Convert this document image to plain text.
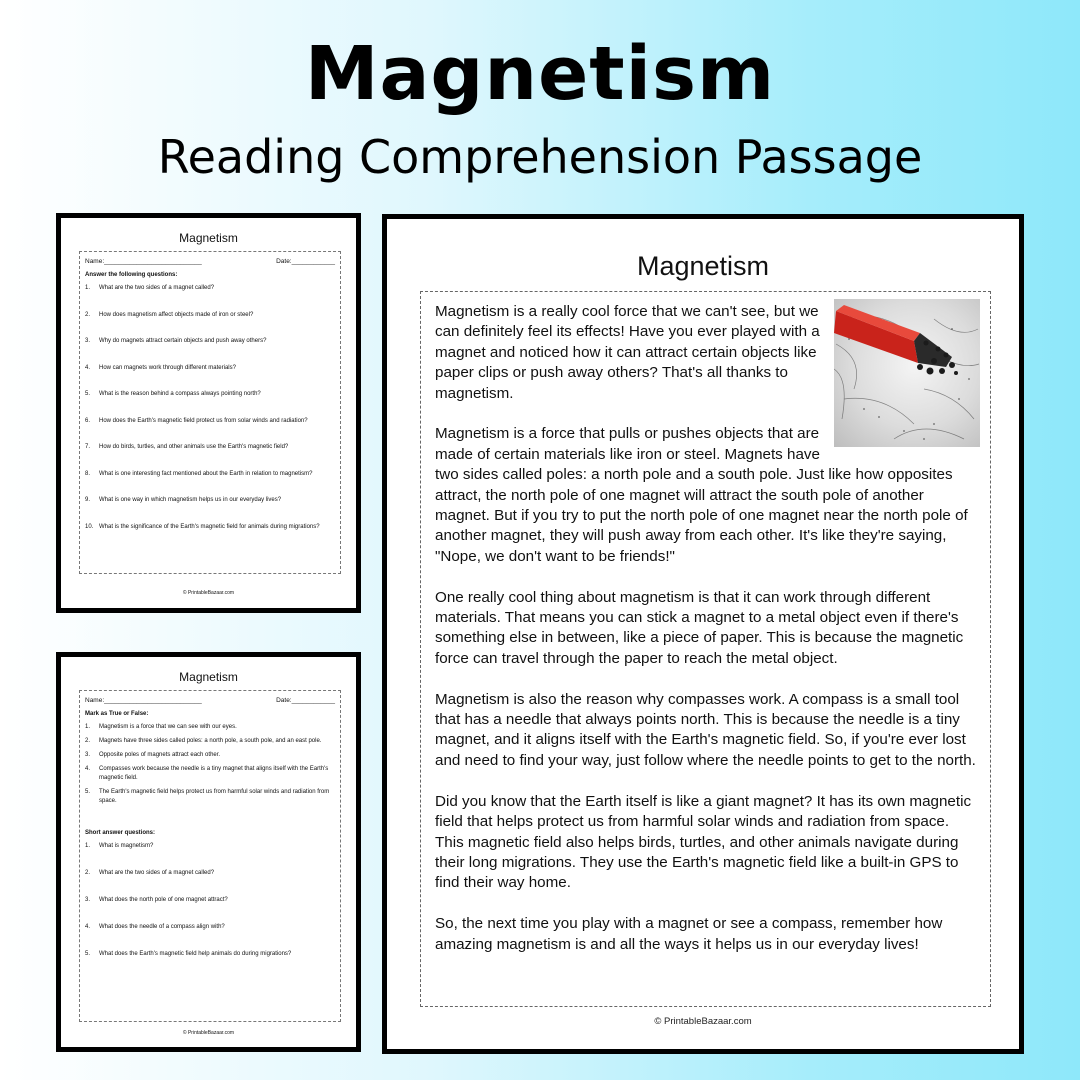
Magnetism
Reading Comprehension Passage
Magnetism
Name:___________________________	Date:____________
Answer the following questions:
1.	What are the two sides of a magnet called?
2.	How does magnetism affect objects made of iron or steel?
3.	Why do magnets attract certain objects and push away others?
4.	How can magnets work through different materials?
5.	What is the reason behind a compass always pointing north?
6.	How does the Earth's magnetic field protect us from solar winds and radiation?
7.	How do birds, turtles, and other animals use the Earth's magnetic field?
8.	What is one interesting fact mentioned about the Earth in relation to magnetism?
9.	What is one way in which magnetism helps us in our everyday lives?
10. What is the significance of the Earth's magnetic field for animals during migrations?
© PrintableBazaar.com
Magnetism
Name:___________________________	Date:____________
Mark as True or False:
1.	Magnetism is a force that we can see with our eyes.
2.	Magnets have three sides called poles: a north pole, a south pole, and an east pole.
3.	Opposite poles of magnets attract each other.
4.	Compasses work because the needle is a tiny magnet that aligns itself with the Earth's magnetic field.
5.	The Earth's magnetic field helps protect us from harmful solar winds and radiation from space.
Short answer questions:
1.	What is magnetism?
2.	What are the two sides of a magnet called?
3.	What does the north pole of one magnet attract?
4.	What does the needle of a compass align with?
5.	What does the Earth's magnetic field help animals do during migrations?
© PrintableBazaar.com
Magnetism

Magnetism is a really cool force that we can't see, but we can definitely feel its effects! Have you ever played with a magnet and noticed how it can attract certain objects like paper clips or push away others? That's all thanks to magnetism.

Magnetism is a force that pulls or pushes objects that are made of certain materials like iron or steel. Magnets have two sides called poles: a north pole and a south pole. Just like how opposites attract, the north pole of one magnet will attract the south pole of another magnet. But if you try to put the north pole of one magnet near the north pole of another magnet, they will push away from each other. It's like they're saying, "Nope, we don't want to be friends!"

One really cool thing about magnetism is that it can work through different materials. That means you can stick a magnet to a metal object even if there's something else in between, like a piece of paper. This is because the magnetic force can travel through the paper to reach the metal object.

Magnetism is also the reason why compasses work. A compass is a small tool that has a needle that always points north. This is because the needle is a tiny magnet, and it aligns itself with the Earth's magnetic field. So, if you're ever lost and need to find your way, just follow where the needle points to get to the north.

Did you know that the Earth itself is like a giant magnet? It has its own magnetic field that helps protect us from harmful solar winds and radiation from space. This magnetic field also helps birds, turtles, and other animals navigate during their long migrations. They use the Earth's magnetic field like a built-in GPS to find their way home.

So, the next time you play with a magnet or see a compass, remember how amazing magnetism is and all the ways it helps us in our everyday lives!

© PrintableBazaar.com
